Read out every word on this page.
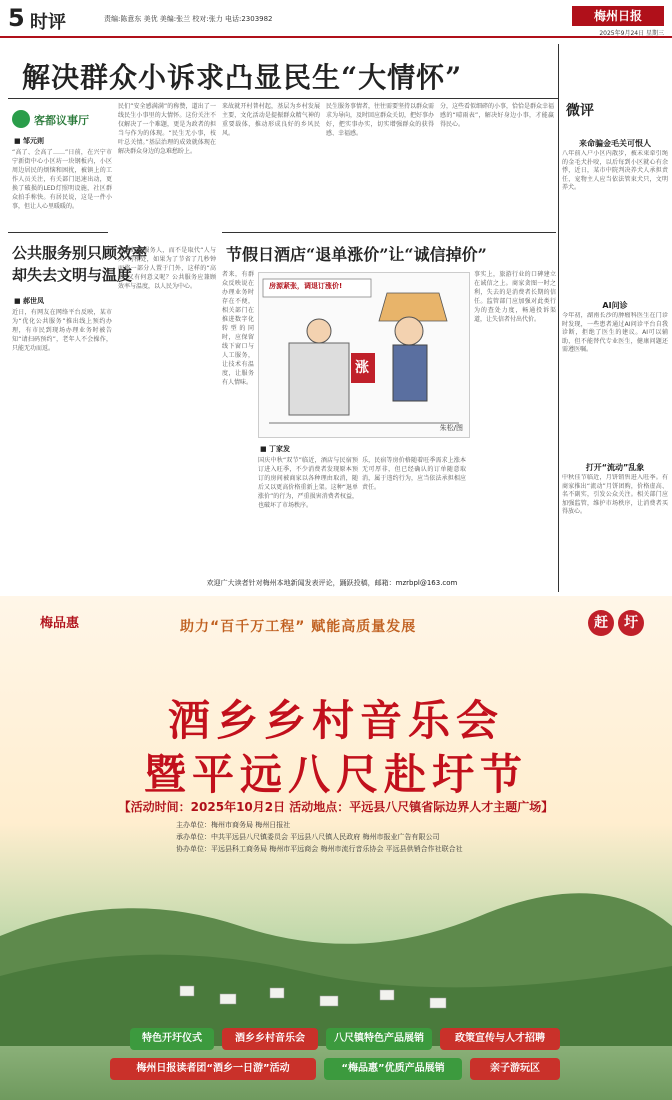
5 时评	责编:陈意东 美优 美编:张兰 校对:张力 电话:2303982	梅州日报
2025年9月24日 星期三
解决群众小诉求凸显民生“大情怀”
客都议事厅
■ 邹元则
“高了、会高了……”日前，在兴宁市宁新街中心小区坊一块钢板内，小区周边居民的烦恼和困扰，被镇上的工作人员关注，有关部门迅速出动，更换了破损的LED灯照明设施，社区群众拍手称快。有居民说，这是一件小事，但让人心里暖暖的。
民们”安全感满满”的称赞，道出了一线民生小事里的大情怀。这份关注不仅解决了一个难题，更是为政者的担当与作为的体现。“民生无小事，枝叶总关情。”基层治理的成效就体现在解决群众身边的急难愁盼上。
来故就开村普村起，基层为乡村发展主要，文化活动是提振群众精气神的重要载体，推动形成良好的乡风民风。
民生服务事情者，往往需要坚持以群众需求为导向，及时回应群众关切，把好事办好，把实事办实，切实增强群众的获得感、幸福感。
分，这些看似细碎的小事，恰恰是群众幸福感的“晴雨表”，解决好身边小事，才能赢得民心。
公共服务别只顾效率
却失去文明与温度
■ 郝世凤
近日，有网友在网络平台反映，某市为“优化公共服务”推出线上预约办理，有市民到现场办理业务时被告知“请扫码预约”，老年人不会操作，只能无功而返。
了更好地服务人，而不是取代“人与人”的相处，如果为了节省了几秒钟而将一部分人置于门外，这样的“高效”又有何意义呢？公共服务应兼顾效率与温度，以人民为中心。
节假日酒店“退单涨价”让“诚信掉价”
者来，有群众反映说在办理业务时存在不便，相关部门在推进数字化转型的同时，应保留线下窗口与人工服务，让技术有温度，让服务有人情味。
房源紧张，调退订涨价!
涨
朱松/图
■ 丁家发
国庆中秋“双节”临近，酒店与民宿预订进入旺季，不少消费者发现原本预订的房间被商家以各种理由取消，随后又以更高价格重新上架。这种“退单涨价”的行为，严重损害消费者权益，也破坏了市场秩序。
乐，民宿等房价格随着旺季需求上涨本无可厚非，但已经确认的订单随意取消，属于违约行为，应当依法承担相应责任。
事实上，旅游行业的口碑建立在诚信之上。商家贪图一时之利，失去的是消费者长期的信任。监管部门应加强对此类行为的查处力度，畅通投诉渠道，让失信者付出代价。
微评
来命骗金毛关可恨人
八年前入户小区内散步，被未束牵引绳的金毛犬扑咬，以后每到小区就心有余悸，近日，某市中院判决养犬人承担责任，宠物主人应当依法管束犬只，文明养犬。
AI问诊
今年初，湖南长沙的肿瘤科医生在门诊时发现，一些患者通过AI问诊平台自我诊断，拒绝了医生的建议。AI可以辅助，但不能替代专业医生，健康问题还需遵医嘱。
打开“流动”乱象
中秋佳节临近，月饼销售进入旺季。有商家推出“流动”月饼团购，价格虚高、名不副实，引发公众关注。相关部门应加强监管，维护市场秩序，让消费者买得放心。
欢迎广大读者针对梅州本地新闻发表评论，踊跃投稿，邮箱：mzrbpl@163.com
梅品惠	助力“百千万工程” 赋能高质量发展	赶	圩
酒乡乡村音乐会
暨平远八尺赴圩节
【活动时间：2025年10月2日 活动地点：平远县八尺镇省际边界人才主题广场】
主办单位：梅州市商务局 梅州日报社
承办单位：中共平远县八尺镇委员会 平远县八尺镇人民政府 梅州市报业广告有限公司
协办单位：平远县科工商务局 梅州市平远商会 梅州市流行音乐协会 平远县供销合作社联合社
特色开圩仪式	酒乡乡村音乐会	八尺镇特色产品展销	政策宣传与人才招聘
梅州日报读者团“酒乡一日游”活动	“梅品惠”优质产品展销	亲子游玩区
